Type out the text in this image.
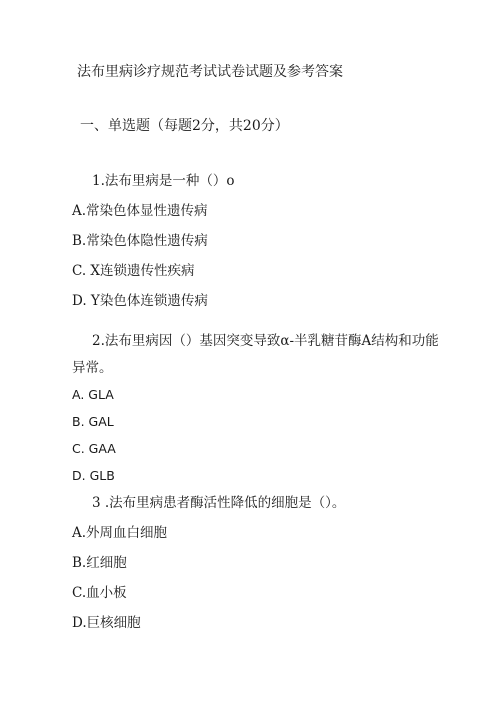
法布里病诊疗规范考试试卷试题及参考答案
一、单选题（每题2分，共20分）
1.法布里病是一种（）o
A.常染色体显性遗传病
B.常染色体隐性遗传病
C. X连锁遗传性疾病
D. Y染色体连锁遗传病
2.法布里病因（）基因突变导致α-半乳糖苷酶A结构和功能
异常。
A. GLA
B. GAL
C. GAA
D. GLB
3 .法布里病患者酶活性降低的细胞是（）。
A.外周血白细胞
B.红细胞
C.血小板
D.巨核细胞
